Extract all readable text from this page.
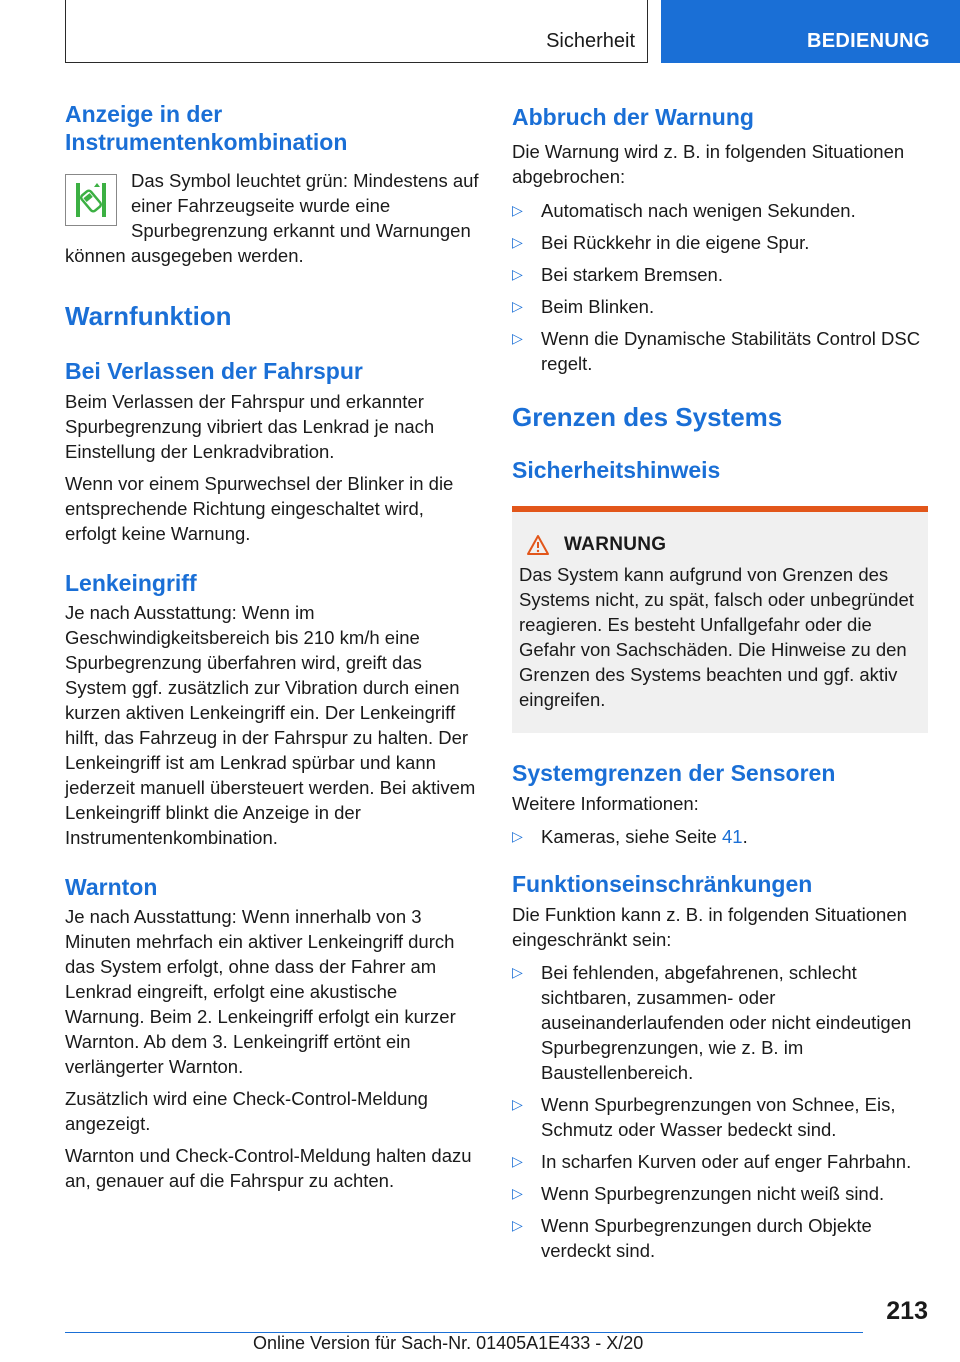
Sicherheit	BEDIENUNG
Anzeige in der Instrumentenkombination

Das Symbol leuchtet grün: Mindestens auf einer Fahrzeugseite wurde eine Spurbegrenzung erkannt und Warnungen können ausgegeben werden.

Warnfunktion
Bei Verlassen der Fahrspur

Beim Verlassen der Fahrspur und erkannter Spurbegrenzung vibriert das Lenkrad je nach Einstellung der Lenkradvibration.

Wenn vor einem Spurwechsel der Blinker in die entsprechende Richtung eingeschaltet wird, erfolgt keine Warnung.

Lenkeingriff

Je nach Ausstattung: Wenn im Geschwindigkeitsbereich bis 210 km/h eine Spurbegrenzung überfahren wird, greift das System ggf. zusätzlich zur Vibration durch einen kurzen aktiven Lenkeingriff ein. Der Lenkeingriff hilft, das Fahrzeug in der Fahrspur zu halten. Der Lenkeingriff ist am Lenkrad spürbar und kann jederzeit manuell übersteuert werden. Bei aktivem Lenkeingriff blinkt die Anzeige in der Instrumentenkombination.

Warnton

Je nach Ausstattung: Wenn innerhalb von 3 Minuten mehrfach ein aktiver Lenkeingriff durch das System erfolgt, ohne dass der Fahrer am Lenkrad eingreift, erfolgt eine akustische Warnung. Beim 2. Lenkeingriff erfolgt ein kurzer Warnton. Ab dem 3. Lenkeingriff ertönt ein verlängerter Warnton.

Zusätzlich wird eine Check-Control-Meldung angezeigt.

Warnton und Check-Control-Meldung halten dazu an, genauer auf die Fahrspur zu achten.

Abbruch der Warnung

Die Warnung wird z. B. in folgenden Situationen abgebrochen:

▷ Automatisch nach wenigen Sekunden.
▷ Bei Rückkehr in die eigene Spur.
▷ Bei starkem Bremsen.
▷ Beim Blinken.
▷ Wenn die Dynamische Stabilitäts Control DSC regelt.
Grenzen des Systems
Sicherheitshinweis
WARNUNG

Das System kann aufgrund von Grenzen des Systems nicht, zu spät, falsch oder unbegründet reagieren. Es besteht Unfallgefahr oder die Gefahr von Sachschäden. Die Hinweise zu den Grenzen des Systems beachten und ggf. aktiv eingreifen.

Systemgrenzen der Sensoren

Weitere Informationen:

▷ Kameras, siehe Seite 41.
Funktionseinschränkungen

Die Funktion kann z. B. in folgenden Situationen eingeschränkt sein:

▷ Bei fehlenden, abgefahrenen, schlecht sichtbaren, zusammen- oder auseinanderlaufenden oder nicht eindeutigen Spurbegrenzungen, wie z. B. im Baustellenbereich.
▷ Wenn Spurbegrenzungen von Schnee, Eis, Schmutz oder Wasser bedeckt sind.
▷ In scharfen Kurven oder auf enger Fahrbahn.
▷ Wenn Spurbegrenzungen nicht weiß sind.
▷ Wenn Spurbegrenzungen durch Objekte verdeckt sind.
213
Online Version für Sach-Nr. 01405A1E433 - X/20
